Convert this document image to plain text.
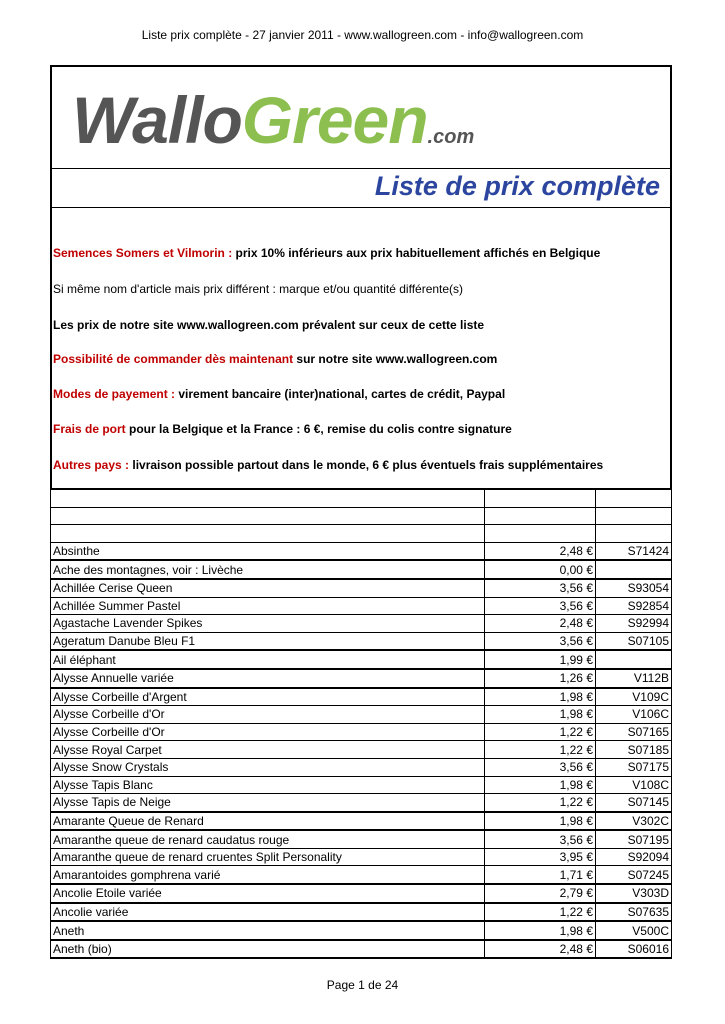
Liste prix complète - 27 janvier 2011 - www.wallogreen.com - info@wallogreen.com
WalloGreen.com
Liste de prix complète
Semences Somers et Vilmorin : prix 10% inférieurs aux prix habituellement affichés en Belgique
Si même nom d'article mais prix différent : marque et/ou quantité différente(s)
Les prix de notre site www.wallogreen.com prévalent sur ceux de cette liste
Possibilité de commander dès maintenant sur notre site www.wallogreen.com
Modes de payement : virement bancaire (inter)national, cartes de crédit, Paypal
Frais de port pour la Belgique et la France : 6 €, remise du colis contre signature
Autres pays : livraison possible partout dans le monde, 6 € plus éventuels frais supplémentaires

Absinthe	2,48 €	S71424
Ache des montagnes, voir : Livèche	0,00 €	
Achillée Cerise Queen	3,56 €	S93054
Achillée Summer Pastel	3,56 €	S92854
Agastache Lavender Spikes	2,48 €	S92994
Ageratum Danube Bleu F1	3,56 €	S07105
Ail éléphant	1,99 €	
Alysse Annuelle variée	1,26 €	V112B
Alysse Corbeille d'Argent	1,98 €	V109C
Alysse Corbeille d'Or	1,98 €	V106C
Alysse Corbeille d'Or	1,22 €	S07165
Alysse Royal Carpet	1,22 €	S07185
Alysse Snow Crystals	3,56 €	S07175
Alysse Tapis Blanc	1,98 €	V108C
Alysse Tapis de Neige	1,22 €	S07145
Amarante Queue de Renard	1,98 €	V302C
Amaranthe queue de renard caudatus rouge	3,56 €	S07195
Amaranthe queue de renard cruentes Split Personality	3,95 €	S92094
Amarantoides gomphrena varié	1,71 €	S07245
Ancolie Etoile variée	2,79 €	V303D
Ancolie variée	1,22 €	S07635
Aneth	1,98 €	V500C
Aneth (bio)	2,48 €	S06016
Page 1 de 24
